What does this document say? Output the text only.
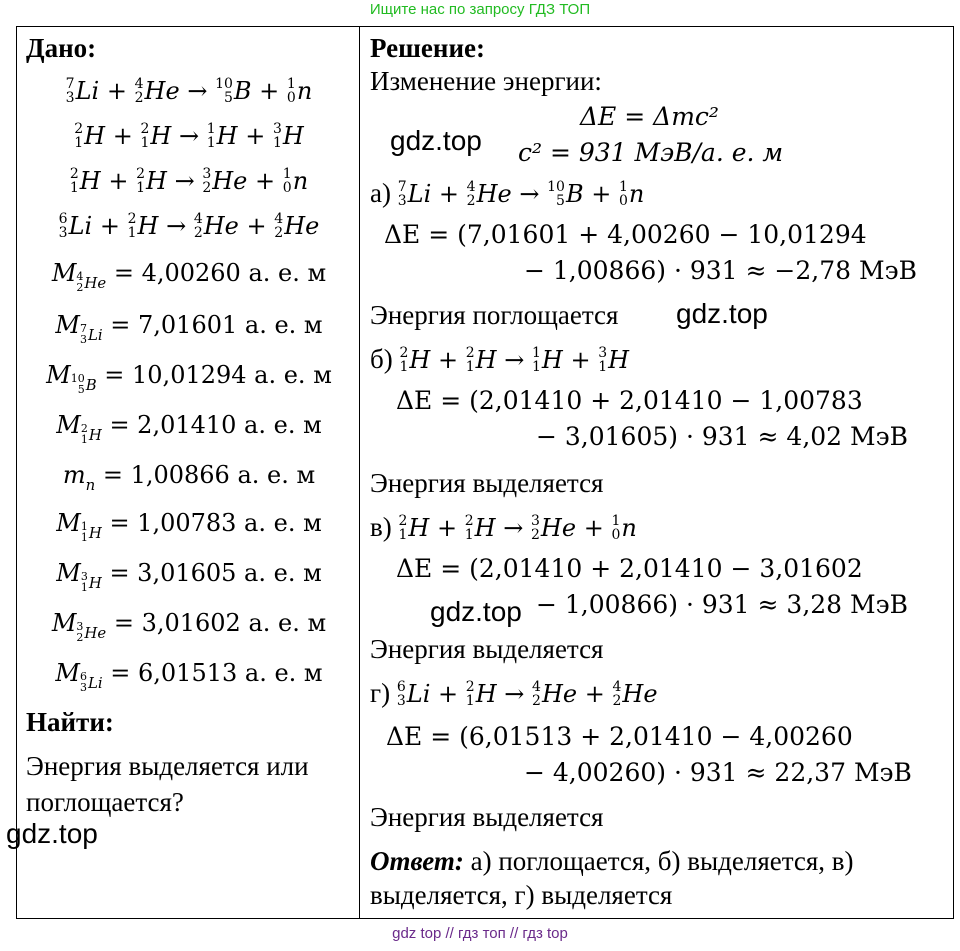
Ищите нас по запросу ГДЗ ТОП
Дано:
7
3 Li + 4
2 He → 10
5 B + 1
0 n
2
1 H + 2
1 H → 1
1 H + 3
1 H
2
1 H + 2
1 H → 3
2 He + 1
0 n
6
3 Li + 2
1 H → 4
2 He + 4
2 He
M 4
2 He = 4,00260 а. е. м
M 7
3 Li = 7,01601 а. е. м
M 10
5 B = 10,01294 а. е. м
M 2
1 H = 2,01410 а. е. м
mn = 1,00866 а. е. м
M 1
1 H = 1,00783 а. е. м
M 3
1 H = 3,01605 а. е. м
M 3
2 He = 3,01602 а. е. м
M 6
3 Li = 6,01513 а. е. м
Найти:
Энергия выделяется или поглощается?
Решение:
Изменение энергии:
ΔE = Δmc²
c² = 931 МэВ/а. е. м
а) 7
3 Li + 4
2 He → 10
5 B + 1
0 n
ΔE = (7,01601 + 4,00260 − 10,01294
− 1,00866) · 931 ≈ −2,78 МэВ
Энергия поглощается
б) 2
1 H + 2
1 H → 1
1 H + 3
1 H
ΔE = (2,01410 + 2,01410 − 1,00783
− 3,01605) · 931 ≈ 4,02 МэВ
Энергия выделяется
в) 2
1 H + 2
1 H → 3
2 He + 1
0 n
ΔE = (2,01410 + 2,01410 − 3,01602
− 1,00866) · 931 ≈ 3,28 МэВ
Энергия выделяется
г) 6
3 Li + 2
1 H → 4
2 He + 4
2 He
ΔE = (6,01513 + 2,01410 − 4,00260
− 4,00260) · 931 ≈ 22,37 МэВ
Энергия выделяется
Ответ: а) поглощается, б) выделяется, в)
выделяется, г) выделяется
gdz.top
gdz.top
gdz.top
gdz.top
gdz top // гдз топ // гдз top
